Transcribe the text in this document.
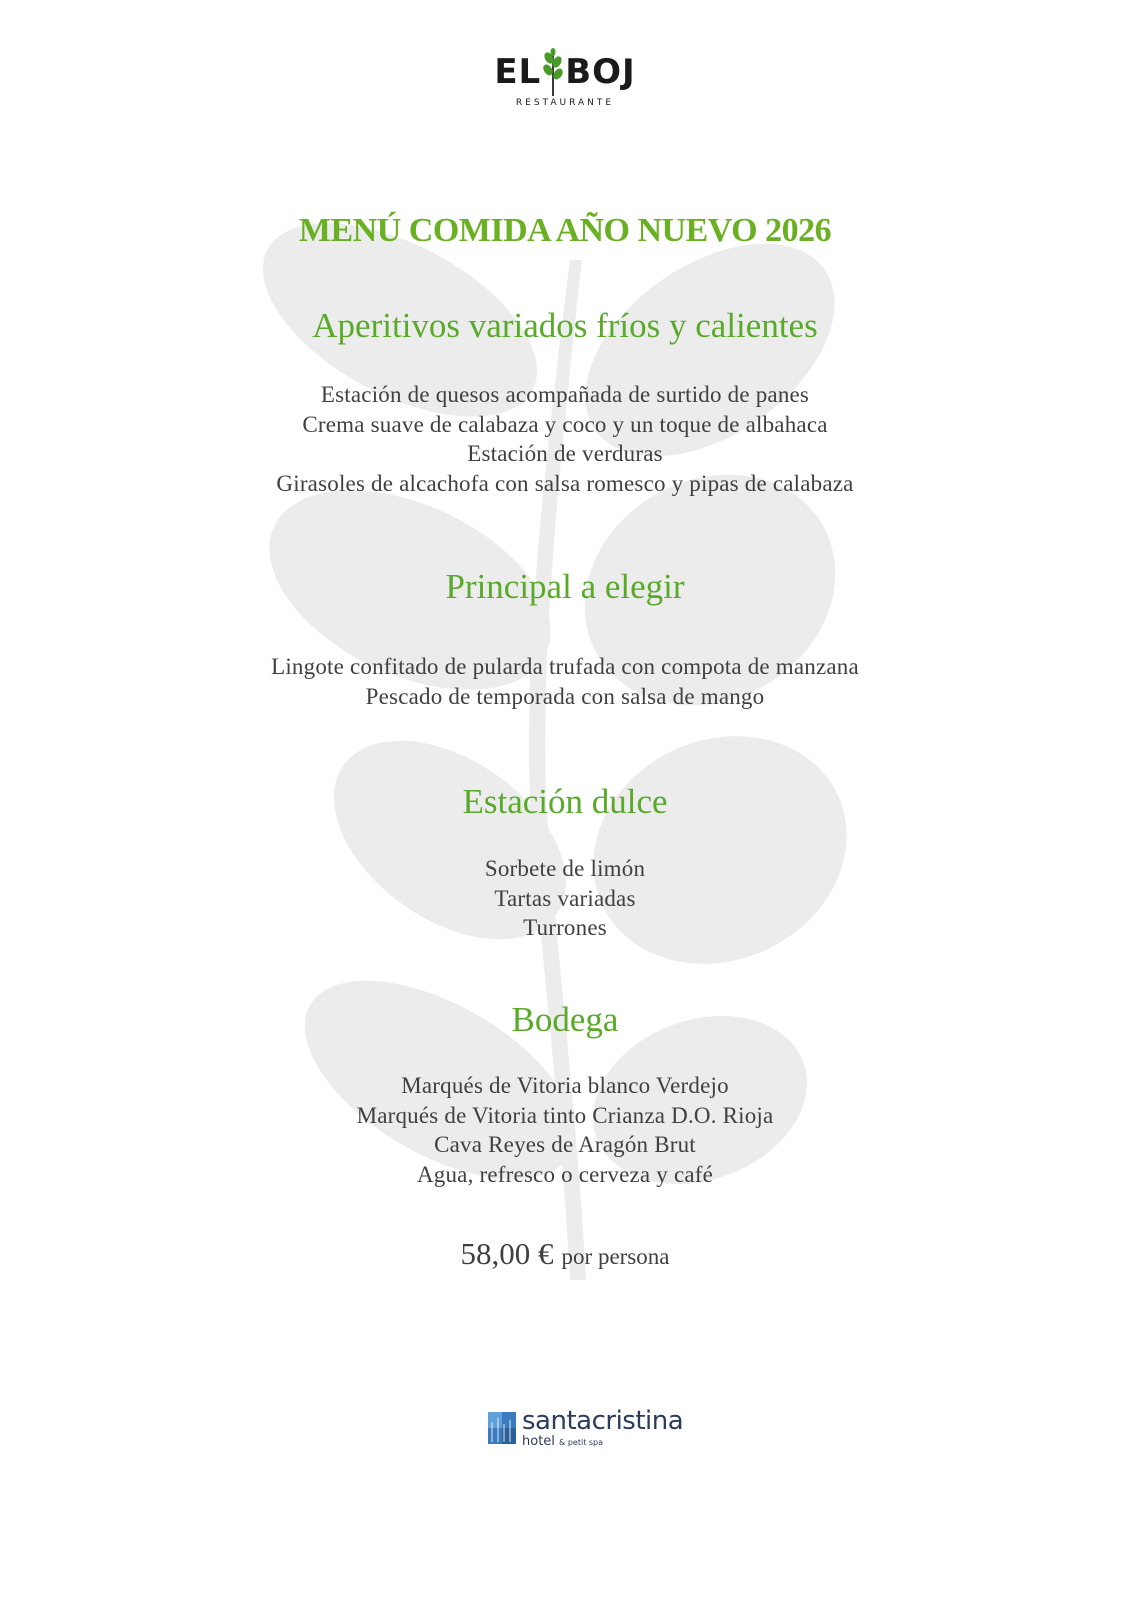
EL BOJ
RESTAURANTE
MENÚ COMIDA AÑO NUEVO 2026
Aperitivos variados fríos y calientes
Estación de quesos acompañada de surtido de panes
Crema suave de calabaza y coco y un toque de albahaca
Estación de verduras
Girasoles de alcachofa con salsa romesco y pipas de calabaza
Principal a elegir
Lingote confitado de pularda trufada con compota de manzana
Pescado de temporada con salsa de mango
Estación dulce
Sorbete de limón
Tartas variadas
Turrones
Bodega
Marqués de Vitoria blanco Verdejo
Marqués de Vitoria tinto Crianza D.O. Rioja
Cava Reyes de Aragón Brut
Agua, refresco o cerveza y café
58,00 € por persona
santacristina
hotel & petit spa
